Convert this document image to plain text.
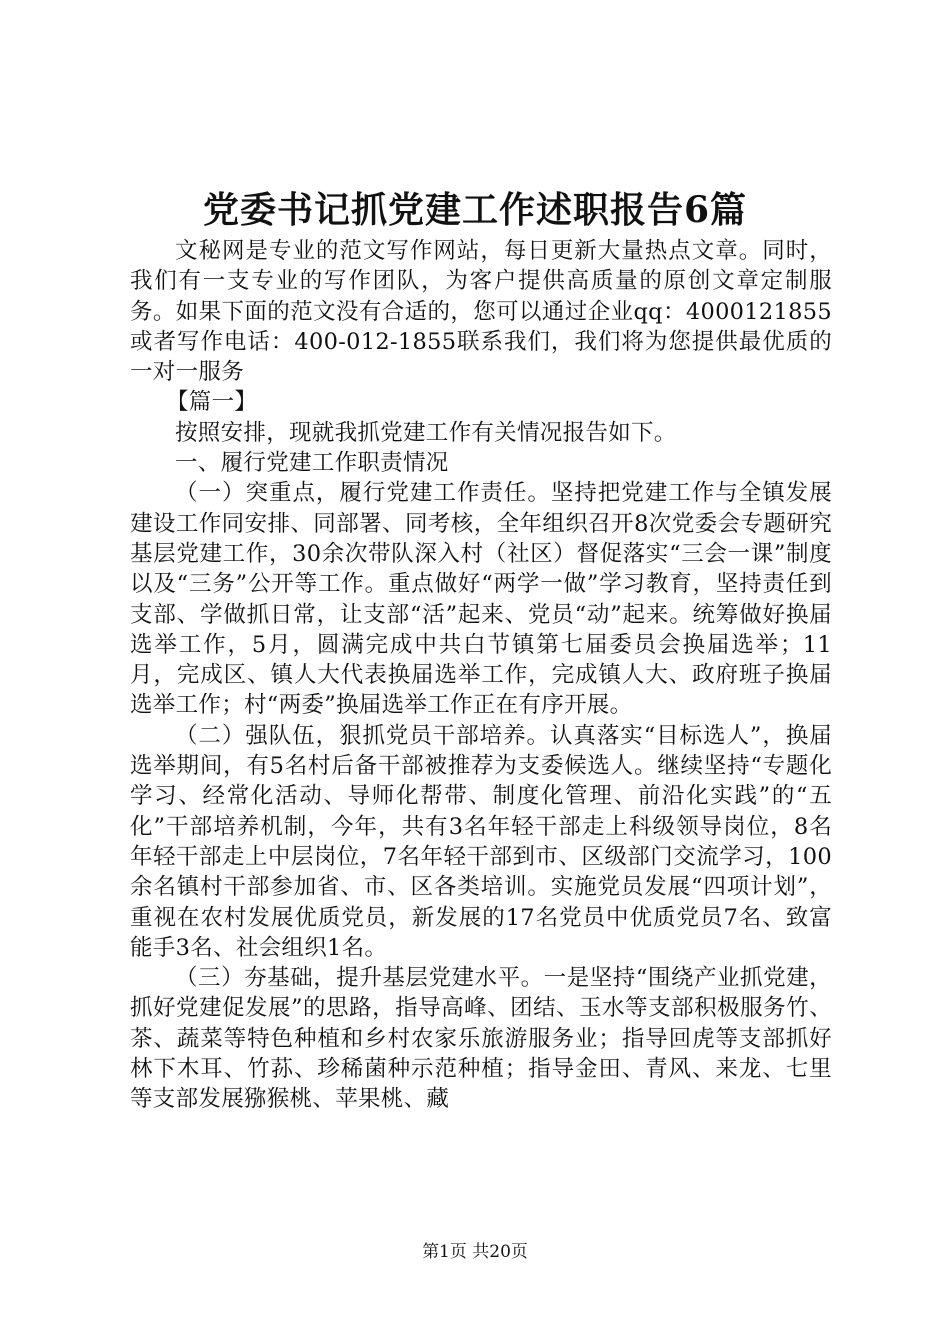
党委书记抓党建工作述职报告6篇

文秘网是专业的范文写作网站，每日更新大量热点文章。同时，我们有一支专业的写作团队，为客户提供高质量的原创文章定制服务。如果下面的范文没有合适的，您可以通过企业qq：4000121855或者写作电话：400-012-1855联系我们，我们将为您提供最优质的一对一服务

【篇一】

按照安排，现就我抓党建工作有关情况报告如下。

一、履行党建工作职责情况

（一）突重点，履行党建工作责任。坚持把党建工作与全镇发展建设工作同安排、同部署、同考核，全年组织召开8次党委会专题研究基层党建工作，30余次带队深入村（社区）督促落实“三会一课”制度以及“三务”公开等工作。重点做好“两学一做”学习教育，坚持责任到支部、学做抓日常，让支部“活”起来、党员“动”起来。统筹做好换届选举工作，5月，圆满完成中共白节镇第七届委员会换届选举；11月，完成区、镇人大代表换届选举工作，完成镇人大、政府班子换届选举工作；村“两委”换届选举工作正在有序开展。

（二）强队伍，狠抓党员干部培养。认真落实“目标选人”，换届选举期间，有5名村后备干部被推荐为支委候选人。继续坚持“专题化学习、经常化活动、导师化帮带、制度化管理、前沿化实践”的“五化”干部培养机制，今年，共有3名年轻干部走上科级领导岗位，8名年轻干部走上中层岗位，7名年轻干部到市、区级部门交流学习，100余名镇村干部参加省、市、区各类培训。实施党员发展“四项计划”，重视在农村发展优质党员，新发展的17名党员中优质党员7名、致富能手3名、社会组织1名。

（三）夯基础，提升基层党建水平。一是坚持“围绕产业抓党建，抓好党建促发展”的思路，指导高峰、团结、玉水等支部积极服务竹、茶、蔬菜等特色种植和乡村农家乐旅游服务业；指导回虎等支部抓好林下木耳、竹荪、珍稀菌种示范种植；指导金田、青风、来龙、七里等支部发展猕猴桃、苹果桃、藏

第1页 共20页
